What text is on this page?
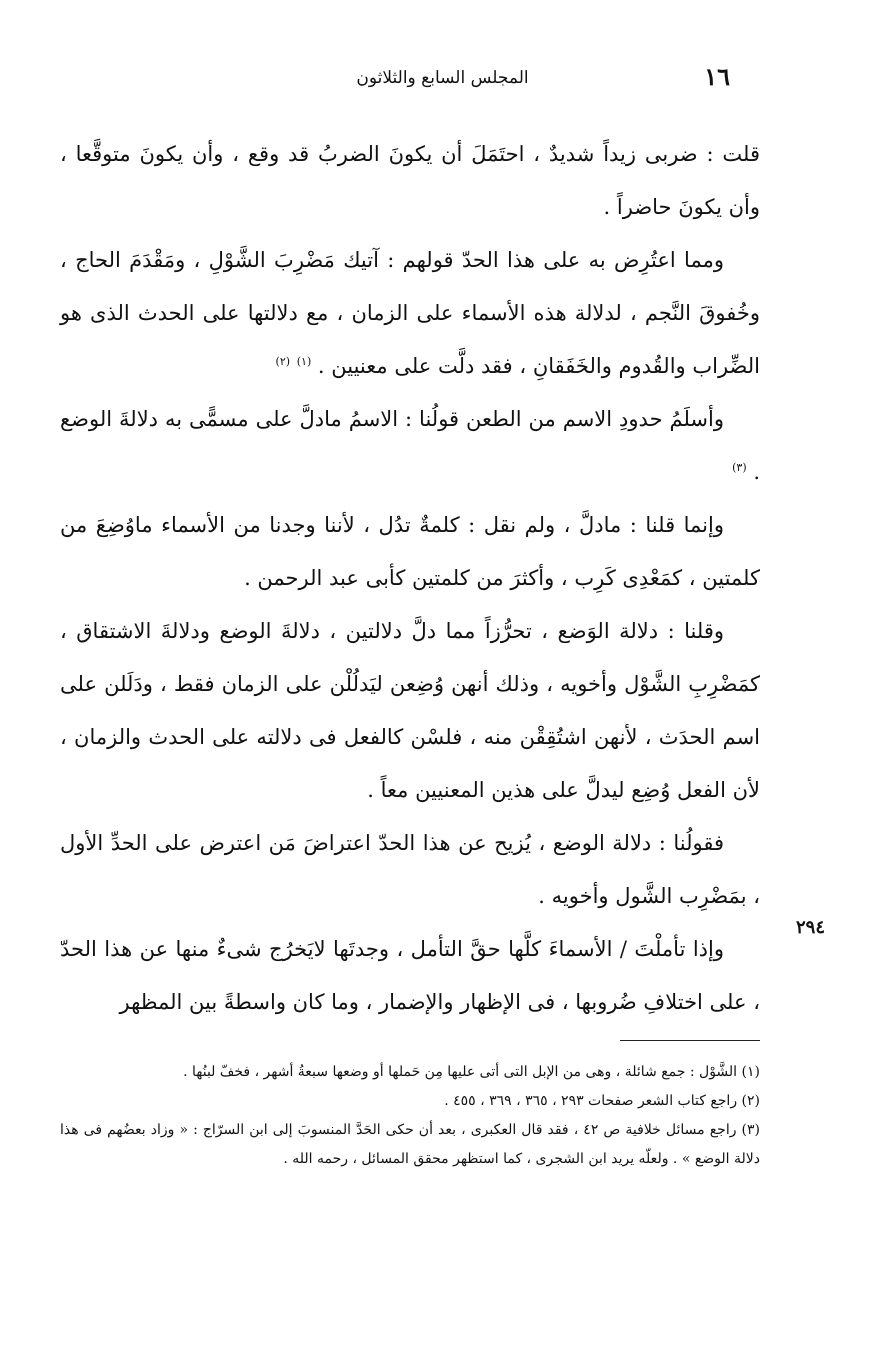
١٦
المجلس السابع والثلاثون

قلت : ضربى زيداً شديدٌ ، احتَمَلَ أن يكونَ الضربُ قد وقع ، وأن يكونَ متوقَّعا ، وأن يكونَ حاضراً .

ومما اعتُرِض به على هذا الحدّ قولهم : آتيك مَضْرِبَ الشَّوْلِ ، ومَقْدَمَ الحاج ، وخُفوقَ النَّجم ، لدلالة هذه الأسماء على الزمان ، مع دلالتها على الحدث الذى هو الضِّراب والقُدوم والخَفَقانِ ، فقد دلَّت على معنيين . $^{(١)}$ $^{(٢)}$

وأسلَمُ حدودِ الاسم من الطعن قولُنا : الاسمُ مادلَّ على مسمًّى به دلالةَ الوضع . $^{(٣)}$

وإنما قلنا : مادلَّ ، ولم نقل : كلمةٌ تدُل ، لأننا وجدنا من الأسماء ماوُضِعَ من كلمتين ، كمَعْدِى كَرِب ، وأكثرَ من كلمتين كأبى عبد الرحمن .

وقلنا : دلالة الوَضع ، تحرُّزاً مما دلَّ دلالتين ، دلالةَ الوضع ودلالةَ الاشتقاق ، كمَضْرِبِ الشَّوْل وأخويه ، وذلك أنهن وُضِعن ليَدلُلْن على الزمان فقط ، ودَلَلن على اسم الحدَث ، لأنهن اشتُقِقْن منه ، فلسْن كالفعل فى دلالته على الحدث والزمان ، لأن الفعل وُضِع ليدلَّ على هذين المعنيين معاً .

فقولُنا : دلالة الوضع ، يُزيح عن هذا الحدّ اعتراضَ مَن اعترض على الحدِّ الأول ، بمَضْرِب الشَّول وأخويه .

وإذا تأملْتَ / الأسماءَ كلَّها حقَّ التأمل ، وجدتَها لايَخرُج شىءٌ منها عن هذا الحدّ ، على اختلافِ ضُروبها ، فى الإظهار والإضمار ، وما كان واسطةً بين المظهر

٢٩٤

(١) الشَّوْل : جمع شائلة ، وهى من الإبل التى أتى عليها مِن حَملها أو وضعها سبعةُ أشهر ، فخفّ لبنُها .

(٢) راجع كتاب الشعر صفحات ٢٩٣ ، ٣٦٥ ، ٣٦٩ ، ٤٥٥ .

(٣) راجع مسائل خلافية ص ٤٢ ، فقد قال العكبرى ، بعد أن حكى الحَدَّ المنسوبَ إلى ابن السرّاج : « وزاد بعضُهم فى هذا دلالة الوضع » . ولعلّه يريد ابن الشجرى ، كما استظهر محقق المسائل ، رحمه الله .
